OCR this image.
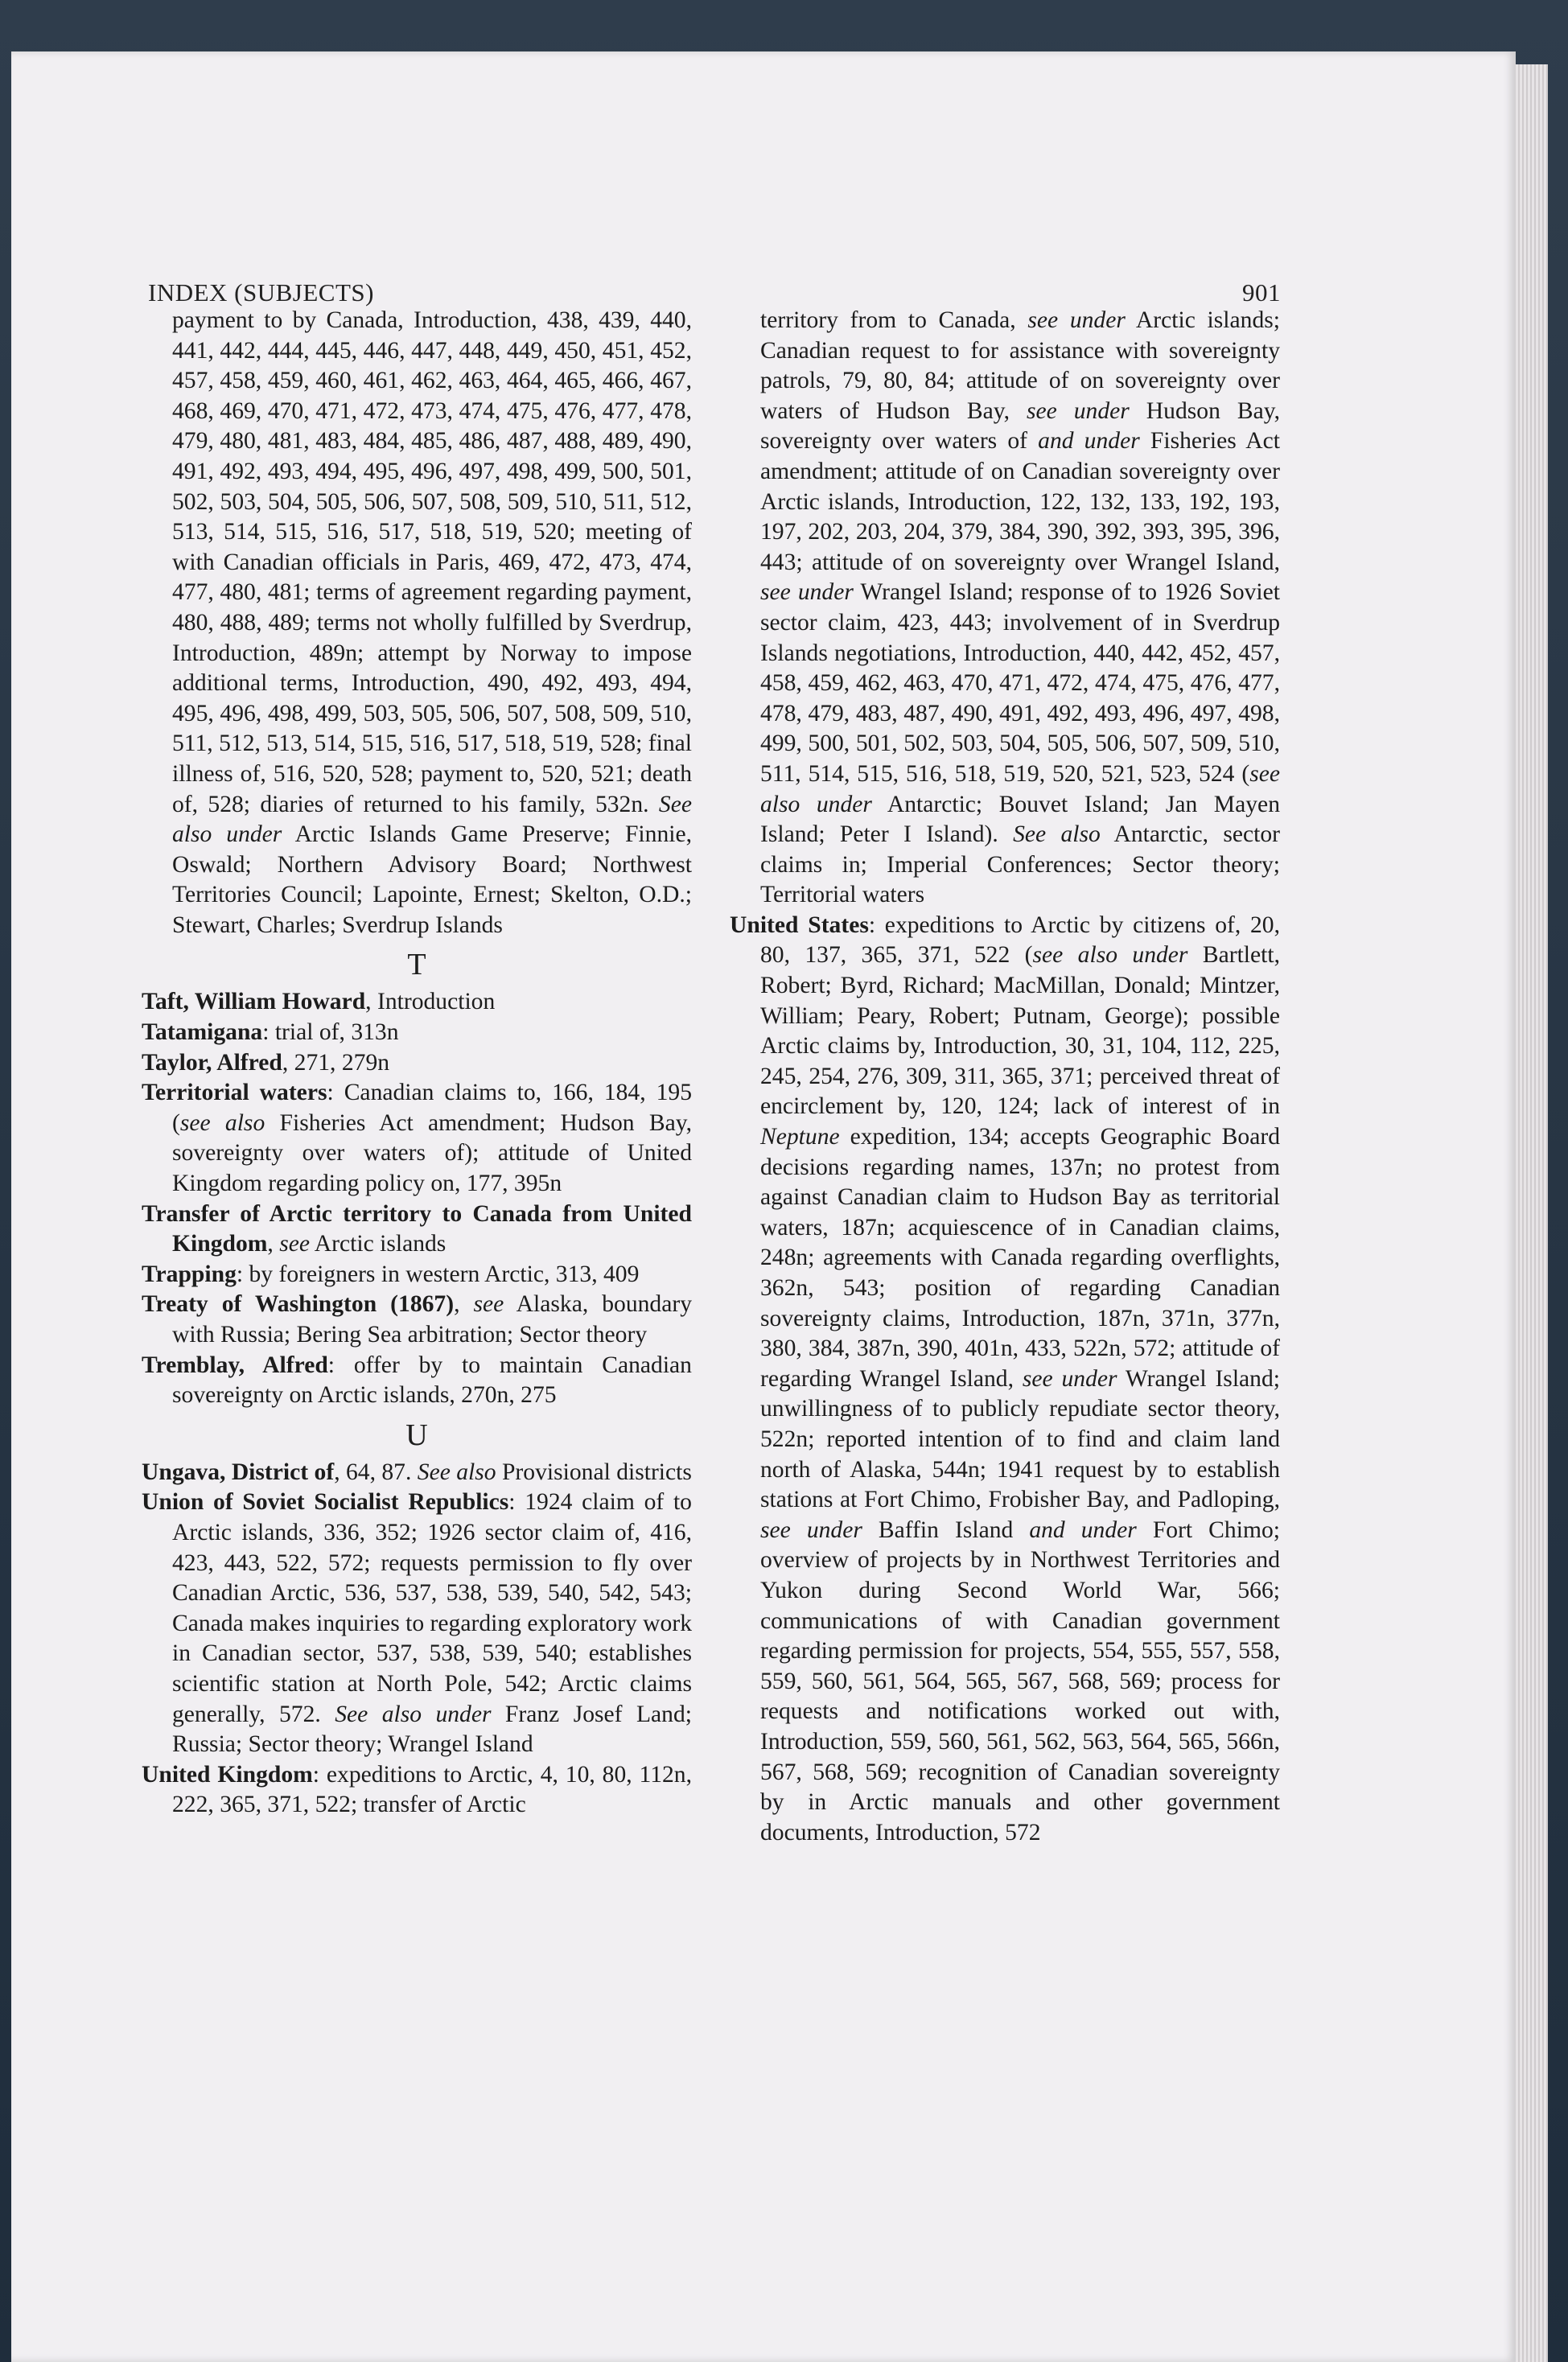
INDEX (SUBJECTS)	901

payment to by Canada, Introduction, 438, 439, 440, 441, 442, 444, 445, 446, 447, 448, 449, 450, 451, 452, 457, 458, 459, 460, 461, 462, 463, 464, 465, 466, 467, 468, 469, 470, 471, 472, 473, 474, 475, 476, 477, 478, 479, 480, 481, 483, 484, 485, 486, 487, 488, 489, 490, 491, 492, 493, 494, 495, 496, 497, 498, 499, 500, 501, 502, 503, 504, 505, 506, 507, 508, 509, 510, 511, 512, 513, 514, 515, 516, 517, 518, 519, 520; meeting of with Canadian officials in Paris, 469, 472, 473, 474, 477, 480, 481; terms of agreement regarding payment, 480, 488, 489; terms not wholly fulfilled by Sverdrup, Introduction, 489n; attempt by Norway to impose additional terms, Introduction, 490, 492, 493, 494, 495, 496, 498, 499, 503, 505, 506, 507, 508, 509, 510, 511, 512, 513, 514, 515, 516, 517, 518, 519, 528; final illness of, 516, 520, 528; payment to, 520, 521; death of, 528; diaries of returned to his family, 532n. See also under Arctic Islands Game Preserve; Finnie, Oswald; Northern Advisory Board; Northwest Territories Council; Lapointe, Ernest; Skelton, O.D.; Stewart, Charles; Sverdrup Islands

T

Taft, William Howard, Introduction

Tatamigana: trial of, 313n

Taylor, Alfred, 271, 279n

Territorial waters: Canadian claims to, 166, 184, 195 (see also Fisheries Act amendment; Hudson Bay, sovereignty over waters of); attitude of United Kingdom regarding policy on, 177, 395n

Transfer of Arctic territory to Canada from United Kingdom, see Arctic islands

Trapping: by foreigners in western Arctic, 313, 409

Treaty of Washington (1867), see Alaska, boundary with Russia; Bering Sea arbitration; Sector theory

Tremblay, Alfred: offer by to maintain Canadian sovereignty on Arctic islands, 270n, 275

U

Ungava, District of, 64, 87. See also Provisional districts

Union of Soviet Socialist Republics: 1924 claim of to Arctic islands, 336, 352; 1926 sector claim of, 416, 423, 443, 522, 572; requests permission to fly over Canadian Arctic, 536, 537, 538, 539, 540, 542, 543; Canada makes inquiries to regarding exploratory work in Canadian sector, 537, 538, 539, 540; establishes scientific station at North Pole, 542; Arctic claims generally, 572. See also under Franz Josef Land; Russia; Sector theory; Wrangel Island

United Kingdom: expeditions to Arctic, 4, 10, 80, 112n, 222, 365, 371, 522; transfer of Arctic

territory from to Canada, see under Arctic islands; Canadian request to for assistance with sovereignty patrols, 79, 80, 84; attitude of on sovereignty over waters of Hudson Bay, see under Hudson Bay, sovereignty over waters of and under Fisheries Act amendment; attitude of on Canadian sovereignty over Arctic islands, Introduction, 122, 132, 133, 192, 193, 197, 202, 203, 204, 379, 384, 390, 392, 393, 395, 396, 443; attitude of on sovereignty over Wrangel Island, see under Wrangel Island; response of to 1926 Soviet sector claim, 423, 443; involvement of in Sverdrup Islands negotiations, Introduction, 440, 442, 452, 457, 458, 459, 462, 463, 470, 471, 472, 474, 475, 476, 477, 478, 479, 483, 487, 490, 491, 492, 493, 496, 497, 498, 499, 500, 501, 502, 503, 504, 505, 506, 507, 509, 510, 511, 514, 515, 516, 518, 519, 520, 521, 523, 524 (see also under Antarctic; Bouvet Island; Jan Mayen Island; Peter I Island). See also Antarctic, sector claims in; Imperial Conferences; Sector theory; Territorial waters

United States: expeditions to Arctic by citizens of, 20, 80, 137, 365, 371, 522 (see also under Bartlett, Robert; Byrd, Richard; MacMillan, Donald; Mintzer, William; Peary, Robert; Putnam, George); possible Arctic claims by, Introduction, 30, 31, 104, 112, 225, 245, 254, 276, 309, 311, 365, 371; perceived threat of encirclement by, 120, 124; lack of interest of in Neptune expedition, 134; accepts Geographic Board decisions regarding names, 137n; no protest from against Canadian claim to Hudson Bay as territorial waters, 187n; acquiescence of in Canadian claims, 248n; agreements with Canada regarding overflights, 362n, 543; position of regarding Canadian sovereignty claims, Introduction, 187n, 371n, 377n, 380, 384, 387n, 390, 401n, 433, 522n, 572; attitude of regarding Wrangel Island, see under Wrangel Island; unwillingness of to publicly repudiate sector theory, 522n; reported intention of to find and claim land north of Alaska, 544n; 1941 request by to establish stations at Fort Chimo, Frobisher Bay, and Padloping, see under Baffin Island and under Fort Chimo; overview of projects by in Northwest Territories and Yukon during Second World War, 566; communications of with Canadian government regarding permission for projects, 554, 555, 557, 558, 559, 560, 561, 564, 565, 567, 568, 569; process for requests and notifications worked out with, Introduction, 559, 560, 561, 562, 563, 564, 565, 566n, 567, 568, 569; recognition of Canadian sovereignty by in Arctic manuals and other government documents, Introduction, 572
